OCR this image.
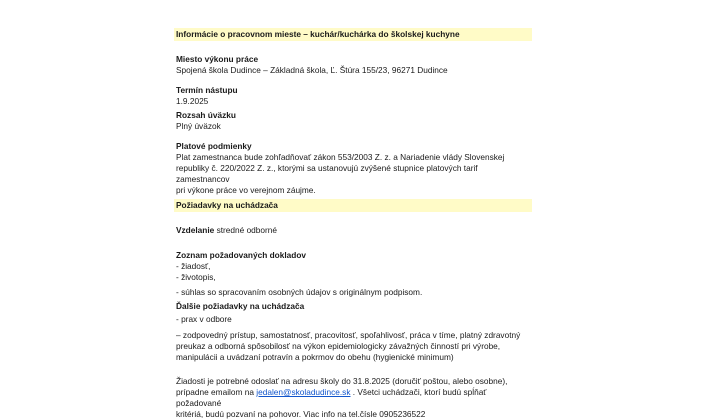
Informácie o pracovnom mieste – kuchár/kuchárka do školskej kuchyne
Miesto výkonu práce
Spojená škola Dudince – Základná škola, Ľ. Štúra 155/23, 96271 Dudince
Termín nástupu
1.9.2025
Rozsah úväzku
Plný úväzok
Platové podmienky
Plat zamestnanca bude zohľadňovať zákon 553/2003 Z. z. a Nariadenie vlády Slovenskej
republiky č. 220/2022 Z. z., ktorými sa ustanovujú zvýšené stupnice platových tarif zamestnancov
pri výkone práce vo verejnom záujme.
Požiadavky na uchádzača
Vzdelanie stredné odborné
Zoznam požadovaných dokladov
- žiadosť,
- životopis,
- súhlas so spracovaním osobných údajov s originálnym podpisom.
Ďalšie požiadavky na uchádzača
- prax v odbore
– zodpovedný prístup, samostatnosť, pracovitosť, spoľahlivosť, práca v tíme, platný zdravotný
preukaz a odborná spôsobilosť na výkon epidemiologicky závažných činností pri výrobe,
manipulácii a uvádzaní potravín a pokrmov do obehu (hygienické minimum)
Žiadosti je potrebné odoslať na adresu školy do 31.8.2025 (doručiť poštou, alebo osobne),
prípadne emailom na jedalen@skoladudince.sk . Všetci uchádzači, ktorí budú spĺňať požadované
kritériá, budú pozvaní na pohovor. Viac info na tel.čísle 0905236522
